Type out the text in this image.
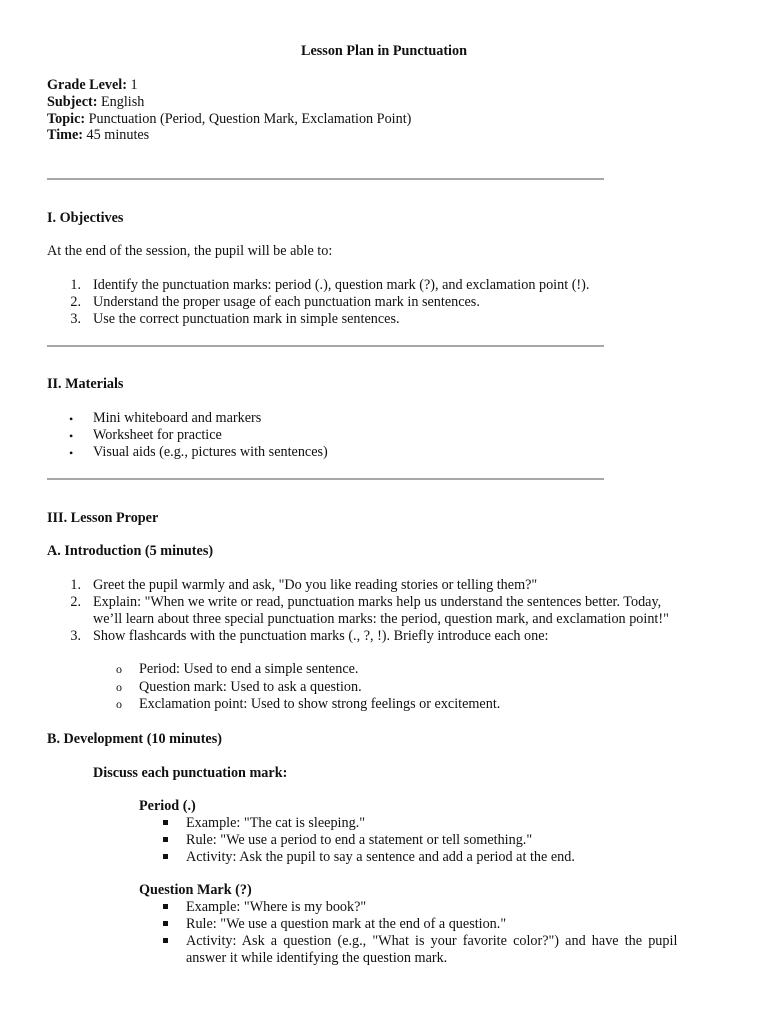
Lesson Plan in Punctuation
Grade Level: 1
Subject: English
Topic: Punctuation (Period, Question Mark, Exclamation Point)
Time: 45 minutes
I. Objectives
At the end of the session, the pupil will be able to:
1. Identify the punctuation marks: period (.), question mark (?), and exclamation point (!).
2. Understand the proper usage of each punctuation mark in sentences.
3. Use the correct punctuation mark in simple sentences.
II. Materials
• Mini whiteboard and markers
• Worksheet for practice
• Visual aids (e.g., pictures with sentences)
III. Lesson Proper
A. Introduction (5 minutes)
1. Greet the pupil warmly and ask, "Do you like reading stories or telling them?"
2. Explain: "When we write or read, punctuation marks help us understand the sentences better. Today,
we’ll learn about three special punctuation marks: the period, question mark, and exclamation point!"
3. Show flashcards with the punctuation marks (., ?, !). Briefly introduce each one:
o Period: Used to end a simple sentence.
o Question mark: Used to ask a question.
o Exclamation point: Used to show strong feelings or excitement.
B. Development (10 minutes)
Discuss each punctuation mark:
Period (.)
Example: "The cat is sleeping."
Rule: "We use a period to end a statement or tell something."
Activity: Ask the pupil to say a sentence and add a period at the end.
Question Mark (?)
Example: "Where is my book?"
Rule: "We use a question mark at the end of a question."
Activity: Ask a question (e.g., "What is your favorite color?") and have the pupil
answer it while identifying the question mark.
